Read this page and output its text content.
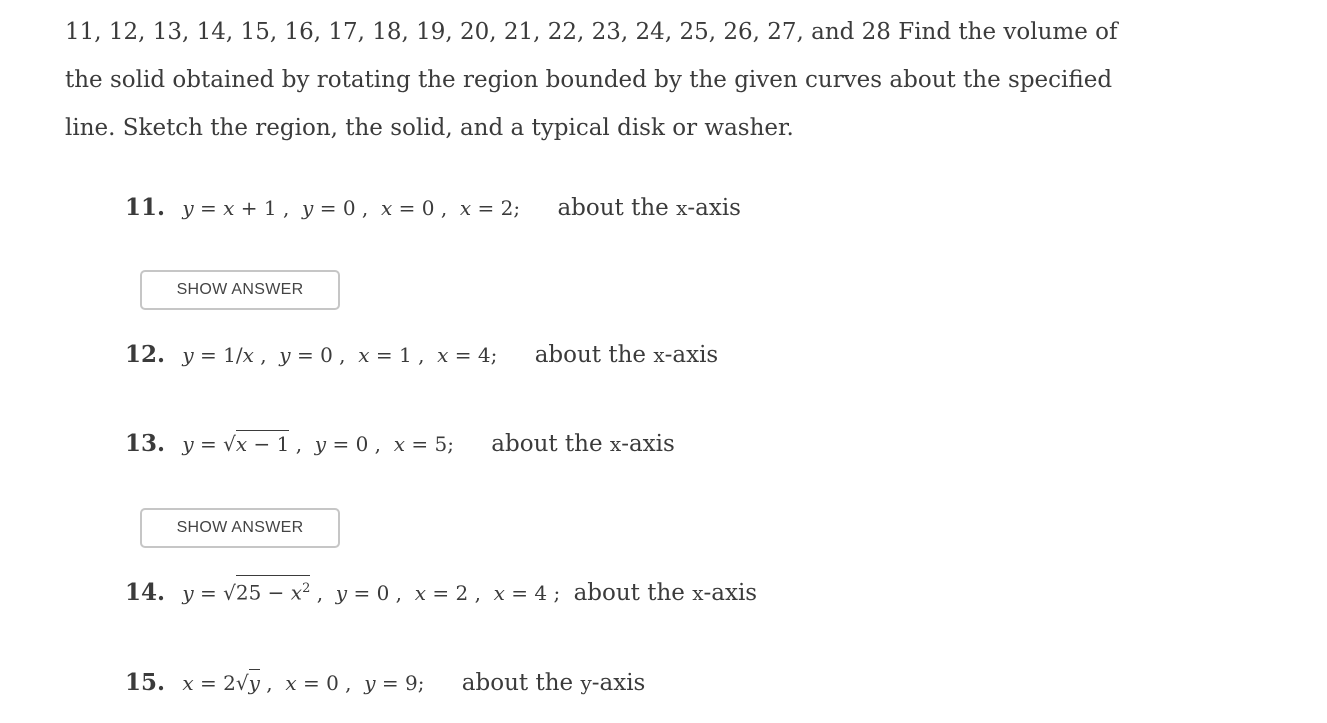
11, 12, 13, 14, 15, 16, 17, 18, 19, 20, 21, 22, 23, 24, 25, 26, 27, and 28 Find the volume of the solid obtained by rotating the region bounded by the given curves about the specified line. Sketch the region, the solid, and a typical disk or washer.

11. y = x + 1 ,  y = 0 ,  x = 0 ,  x = 2; about the x-axis
SHOW ANSWER
12. y = 1/x ,  y = 0 ,  x = 1 ,  x = 4; about the x-axis
13. y = √x − 1 ,  y = 0 ,  x = 5; about the x-axis
SHOW ANSWER
14. $y = √25 - x^2$ ,  y = 0 ,  x = 2 ,  x = 4 ; about the x-axis
15. x = 2√y ,  x = 0 ,  y = 9; about the y-axis
